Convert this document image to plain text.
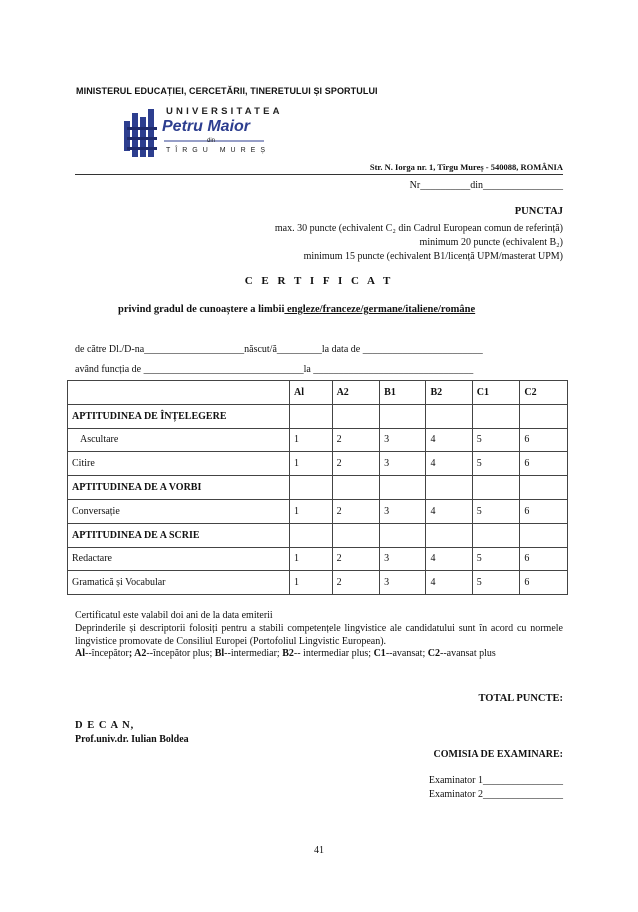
MINISTERUL EDUCAȚIEI, CERCETĂRII, TINERETULUI ȘI SPORTULUI
UNIVERSITATEA
Petru Maior
din
TÎRGU MUREȘ
Str. N. Iorga nr. 1, Tîrgu Mureș - 540088, ROMÂNIA
Nr__________din________________
PUNCTAJ
max. 30 puncte (echivalent C₂ din Cadrul European comun de referință)
minimum 20 puncte (echivalent B₂)
minimum 15 puncte (echivalent B1/licență UPM/masterat UPM)
C E R T I F I C A T
privind gradul de cunoaștere a limbii engleze/franceze/germane/italiene/române
de către Dl./D-na____________________născut/ă_________la data de ________________________
având funcția de ________________________________la ________________________________
	Al	A2	B1	B2	C1	C2
APTITUDINEA DE ÎNȚELEGERE						
Ascultare	1	2	3	4	5	6
Citire	1	2	3	4	5	6
APTITUDINEA DE A VORBI						
Conversație	1	2	3	4	5	6
APTITUDINEA DE A SCRIE						
Redactare	1	2	3	4	5	6
Gramatică și Vocabular	1	2	3	4	5	6
Certificatul este valabil doi ani de la data emiterii
Deprinderile și descriptorii folosiți pentru a stabili competențele lingvistice ale candidatului sunt în acord cu normele lingvistice promovate de Consiliul Europei (Portofoliul Lingvistic European).
Al--începător; A2--începător plus; Bl--intermediar; B2-- intermediar plus; C1--avansat; C2--avansat plus
TOTAL PUNCTE:
D E C A N,
Prof.univ.dr. Iulian Boldea
COMISIA DE EXAMINARE:
Examinator 1________________
Examinator 2________________
41
